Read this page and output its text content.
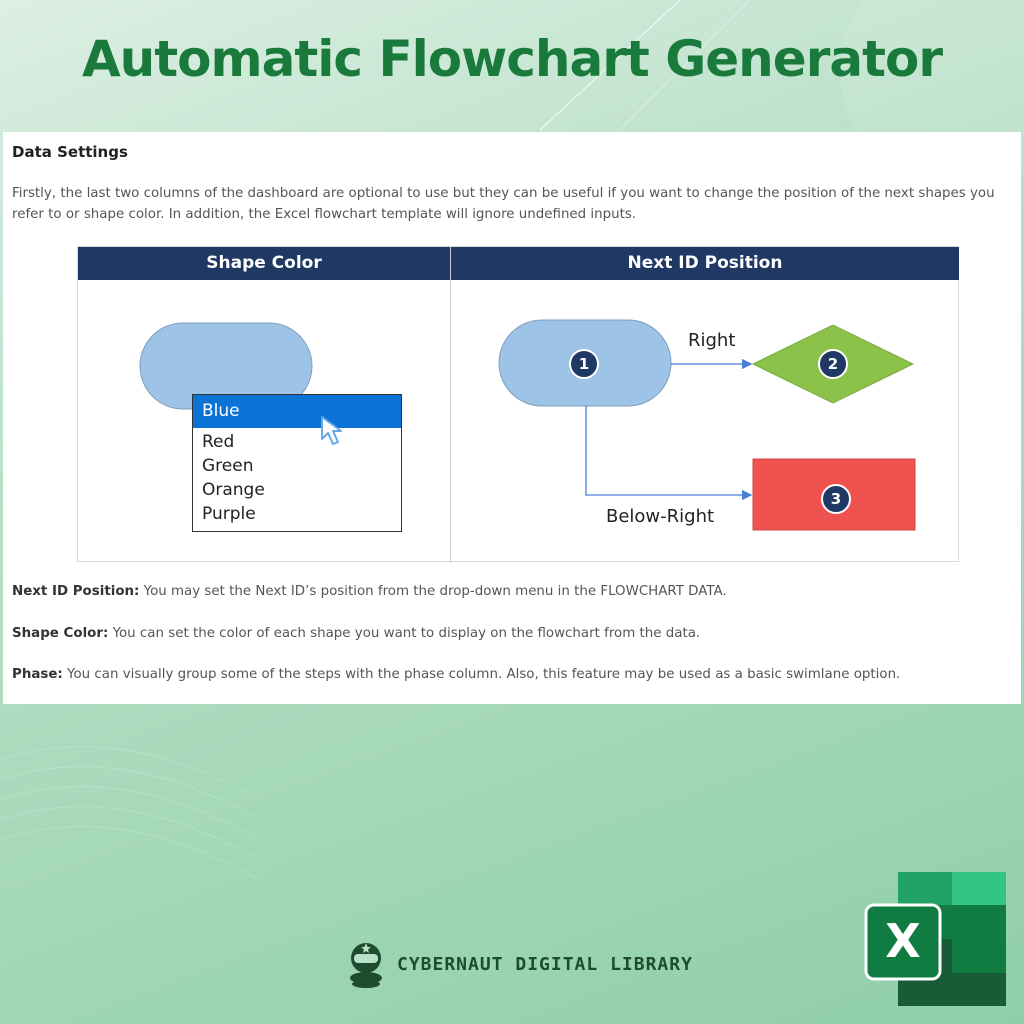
Automatic Flowchart Generator
Data Settings
Firstly, the last two columns of the dashboard are optional to use but they can be useful if you want to change the position of the next shapes you refer to or shape color. In addition, the Excel flowchart template will ignore undefined inputs.
Shape Color	Next ID Position
Blue
Red
Green
Orange
Purple
1	2
3
Right
Below-Right
Next ID Position: You may set the Next ID’s position from the drop-down menu in the FLOWCHART DATA.
Shape Color: You can set the color of each shape you want to display on the flowchart from the data.
Phase: You can visually group some of the steps with the phase column. Also, this feature may be used as a basic swimlane option.
CYBERNAUT DIGITAL LIBRARY	X
